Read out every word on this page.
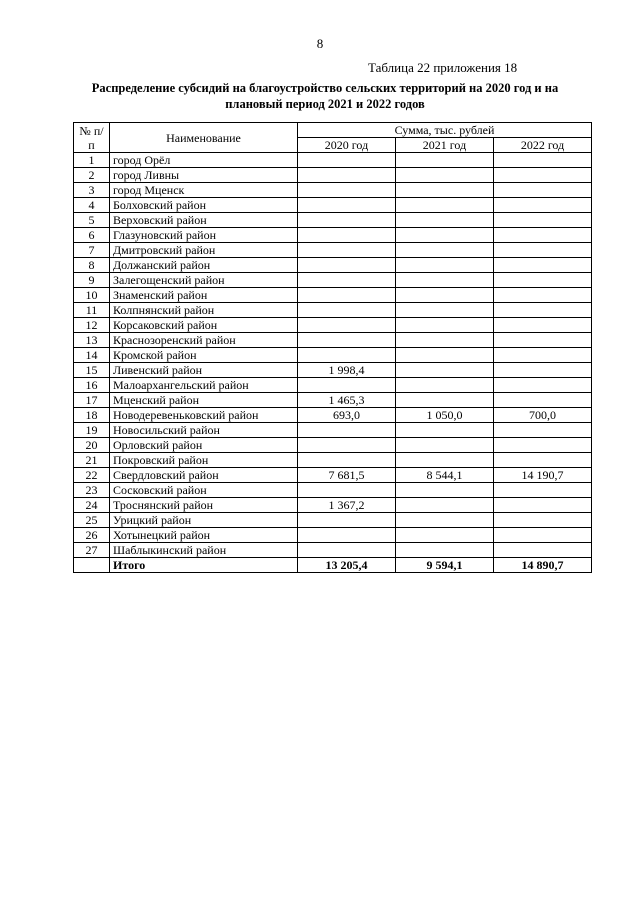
8
Таблица 22 приложения 18
Распределение субсидий на благоустройство сельских территорий на 2020 год и на плановый период 2021 и 2022 годов
№ п/п	Наименование	Сумма, тыс. рублей		
		2020 год	2021 год	2022 год
1	город Орёл			
2	город Ливны			
3	город Мценск			
4	Болховский район			
5	Верховский район			
6	Глазуновский район			
7	Дмитровский район			
8	Должанский район			
9	Залегощенский район			
10	Знаменский район			
11	Колпнянский район			
12	Корсаковский район			
13	Краснозоренский район			
14	Кромской район			
15	Ливенский район	1 998,4		
16	Малоархангельский район			
17	Мценский район	1 465,3		
18	Новодеревеньковский район	693,0	1 050,0	700,0
19	Новосильский район			
20	Орловский район			
21	Покровский район			
22	Свердловский район	7 681,5	8 544,1	14 190,7
23	Сосковский район			
24	Троснянский район	1 367,2		
25	Урицкий район			
26	Хотынецкий район			
27	Шаблыкинский район			
	Итого	13 205,4	9 594,1	14 890,7
